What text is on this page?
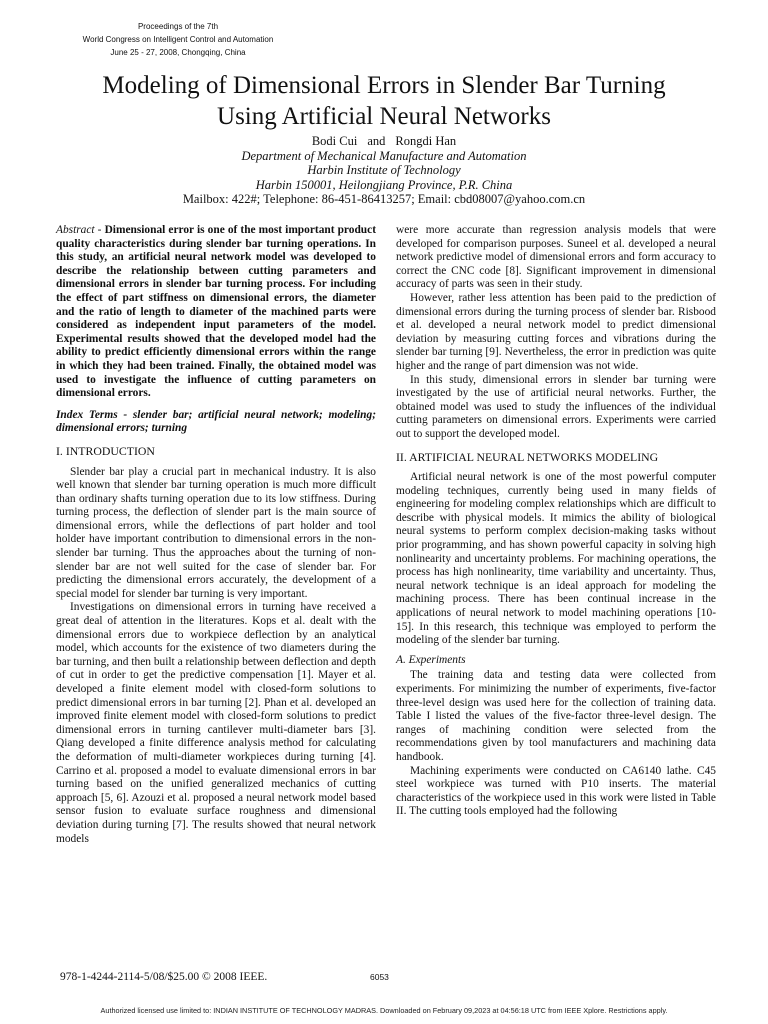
Proceedings of the 7th
World Congress on Intelligent Control and Automation
June 25 - 27, 2008, Chongqing, China
Modeling of Dimensional Errors in Slender Bar Turning
Using Artificial Neural Networks
Bodi Cui and Rongdi Han
Department of Mechanical Manufacture and Automation
Harbin Institute of Technology
Harbin 150001, Heilongjiang Province, P.R. China
Mailbox: 422#; Telephone: 86-451-86413257; Email: cbd08007@yahoo.com.cn

Abstract - Dimensional error is one of the most important product quality characteristics during slender bar turning operations. In this study, an artificial neural network model was developed to describe the relationship between cutting parameters and dimensional errors in slender bar turning process. For including the effect of part stiffness on dimensional errors, the diameter and the ratio of length to diameter of the machined parts were considered as independent input parameters of the model. Experimental results showed that the developed model had the ability to predict efficiently dimensional errors within the range in which they had been trained. Finally, the obtained model was used to investigate the influence of cutting parameters on dimensional errors.

Index Terms - slender bar; artificial neural network; modeling; dimensional errors; turning

I. INTRODUCTION

Slender bar play a crucial part in mechanical industry. It is also well known that slender bar turning operation is much more difficult than ordinary shafts turning operation due to its low stiffness. During turning process, the deflection of slender part is the main source of dimensional errors, while the deflections of part holder and tool holder have important contribution to dimensional errors in the non-slender bar turning. Thus the approaches about the turning of non-slender bar are not well suited for the case of slender bar. For predicting the dimensional errors accurately, the development of a special model for slender bar turning is very important.

Investigations on dimensional errors in turning have received a great deal of attention in the literatures. Kops et al. dealt with the dimensional errors due to workpiece deflection by an analytical model, which accounts for the existence of two diameters during the bar turning, and then built a relationship between deflection and depth of cut in order to get the predictive compensation [1]. Mayer et al. developed a finite element model with closed-form solutions to predict dimensional errors in bar turning [2]. Phan et al. developed an improved finite element model with closed-form solutions to predict dimensional errors in turning cantilever multi-diameter bars [3]. Qiang developed a finite difference analysis method for calculating the deformation of multi-diameter workpieces during turning [4]. Carrino et al. proposed a model to evaluate dimensional errors in bar turning based on the unified generalized mechanics of cutting approach [5, 6]. Azouzi et al. proposed a neural network model based sensor fusion to evaluate surface roughness and dimensional deviation during turning [7]. The results showed that neural network models

were more accurate than regression analysis models that were developed for comparison purposes. Suneel et al. developed a neural network predictive model of dimensional errors and form accuracy to correct the CNC code [8]. Significant improvement in dimensional accuracy of parts was seen in their study.

However, rather less attention has been paid to the prediction of dimensional errors during the turning process of slender bar. Risbood et al. developed a neural network model to predict dimensional deviation by measuring cutting forces and vibrations during the slender bar turning [9]. Nevertheless, the error in prediction was quite higher and the range of part dimension was not wide.

In this study, dimensional errors in slender bar turning were investigated by the use of artificial neural networks. Further, the obtained model was used to study the influences of the individual cutting parameters on dimensional errors. Experiments were carried out to support the developed model.

II. ARTIFICIAL NEURAL NETWORKS MODELING

Artificial neural network is one of the most powerful computer modeling techniques, currently being used in many fields of engineering for modeling complex relationships which are difficult to describe with physical models. It mimics the ability of biological neural systems to perform complex decision-making tasks without prior programming, and has shown powerful capacity in solving high nonlinearity and uncertainty problems. For machining operations, the process has high nonlinearity, time variability and uncertainty. Thus, neural network technique is an ideal approach for modeling the machining process. There has been continual increase in the applications of neural network to model machining operations [10-15]. In this research, this technique was employed to perform the modeling of the slender bar turning.

A. Experiments

The training data and testing data were collected from experiments. For minimizing the number of experiments, five-factor three-level design was used here for the collection of training data. Table I listed the values of the five-factor three-level design. The ranges of machining condition were selected from the recommendations given by tool manufacturers and machining data handbook.

Machining experiments were conducted on CA6140 lathe. C45 steel workpiece was turned with P10 inserts. The material characteristics of the workpiece used in this work were listed in Table II. The cutting tools employed had the following

978-1-4244-2114-5/08/$25.00 © 2008 IEEE.	6053
Authorized licensed use limited to: INDIAN INSTITUTE OF TECHNOLOGY MADRAS. Downloaded on February 09,2023 at 04:56:18 UTC from IEEE Xplore. Restrictions apply.
